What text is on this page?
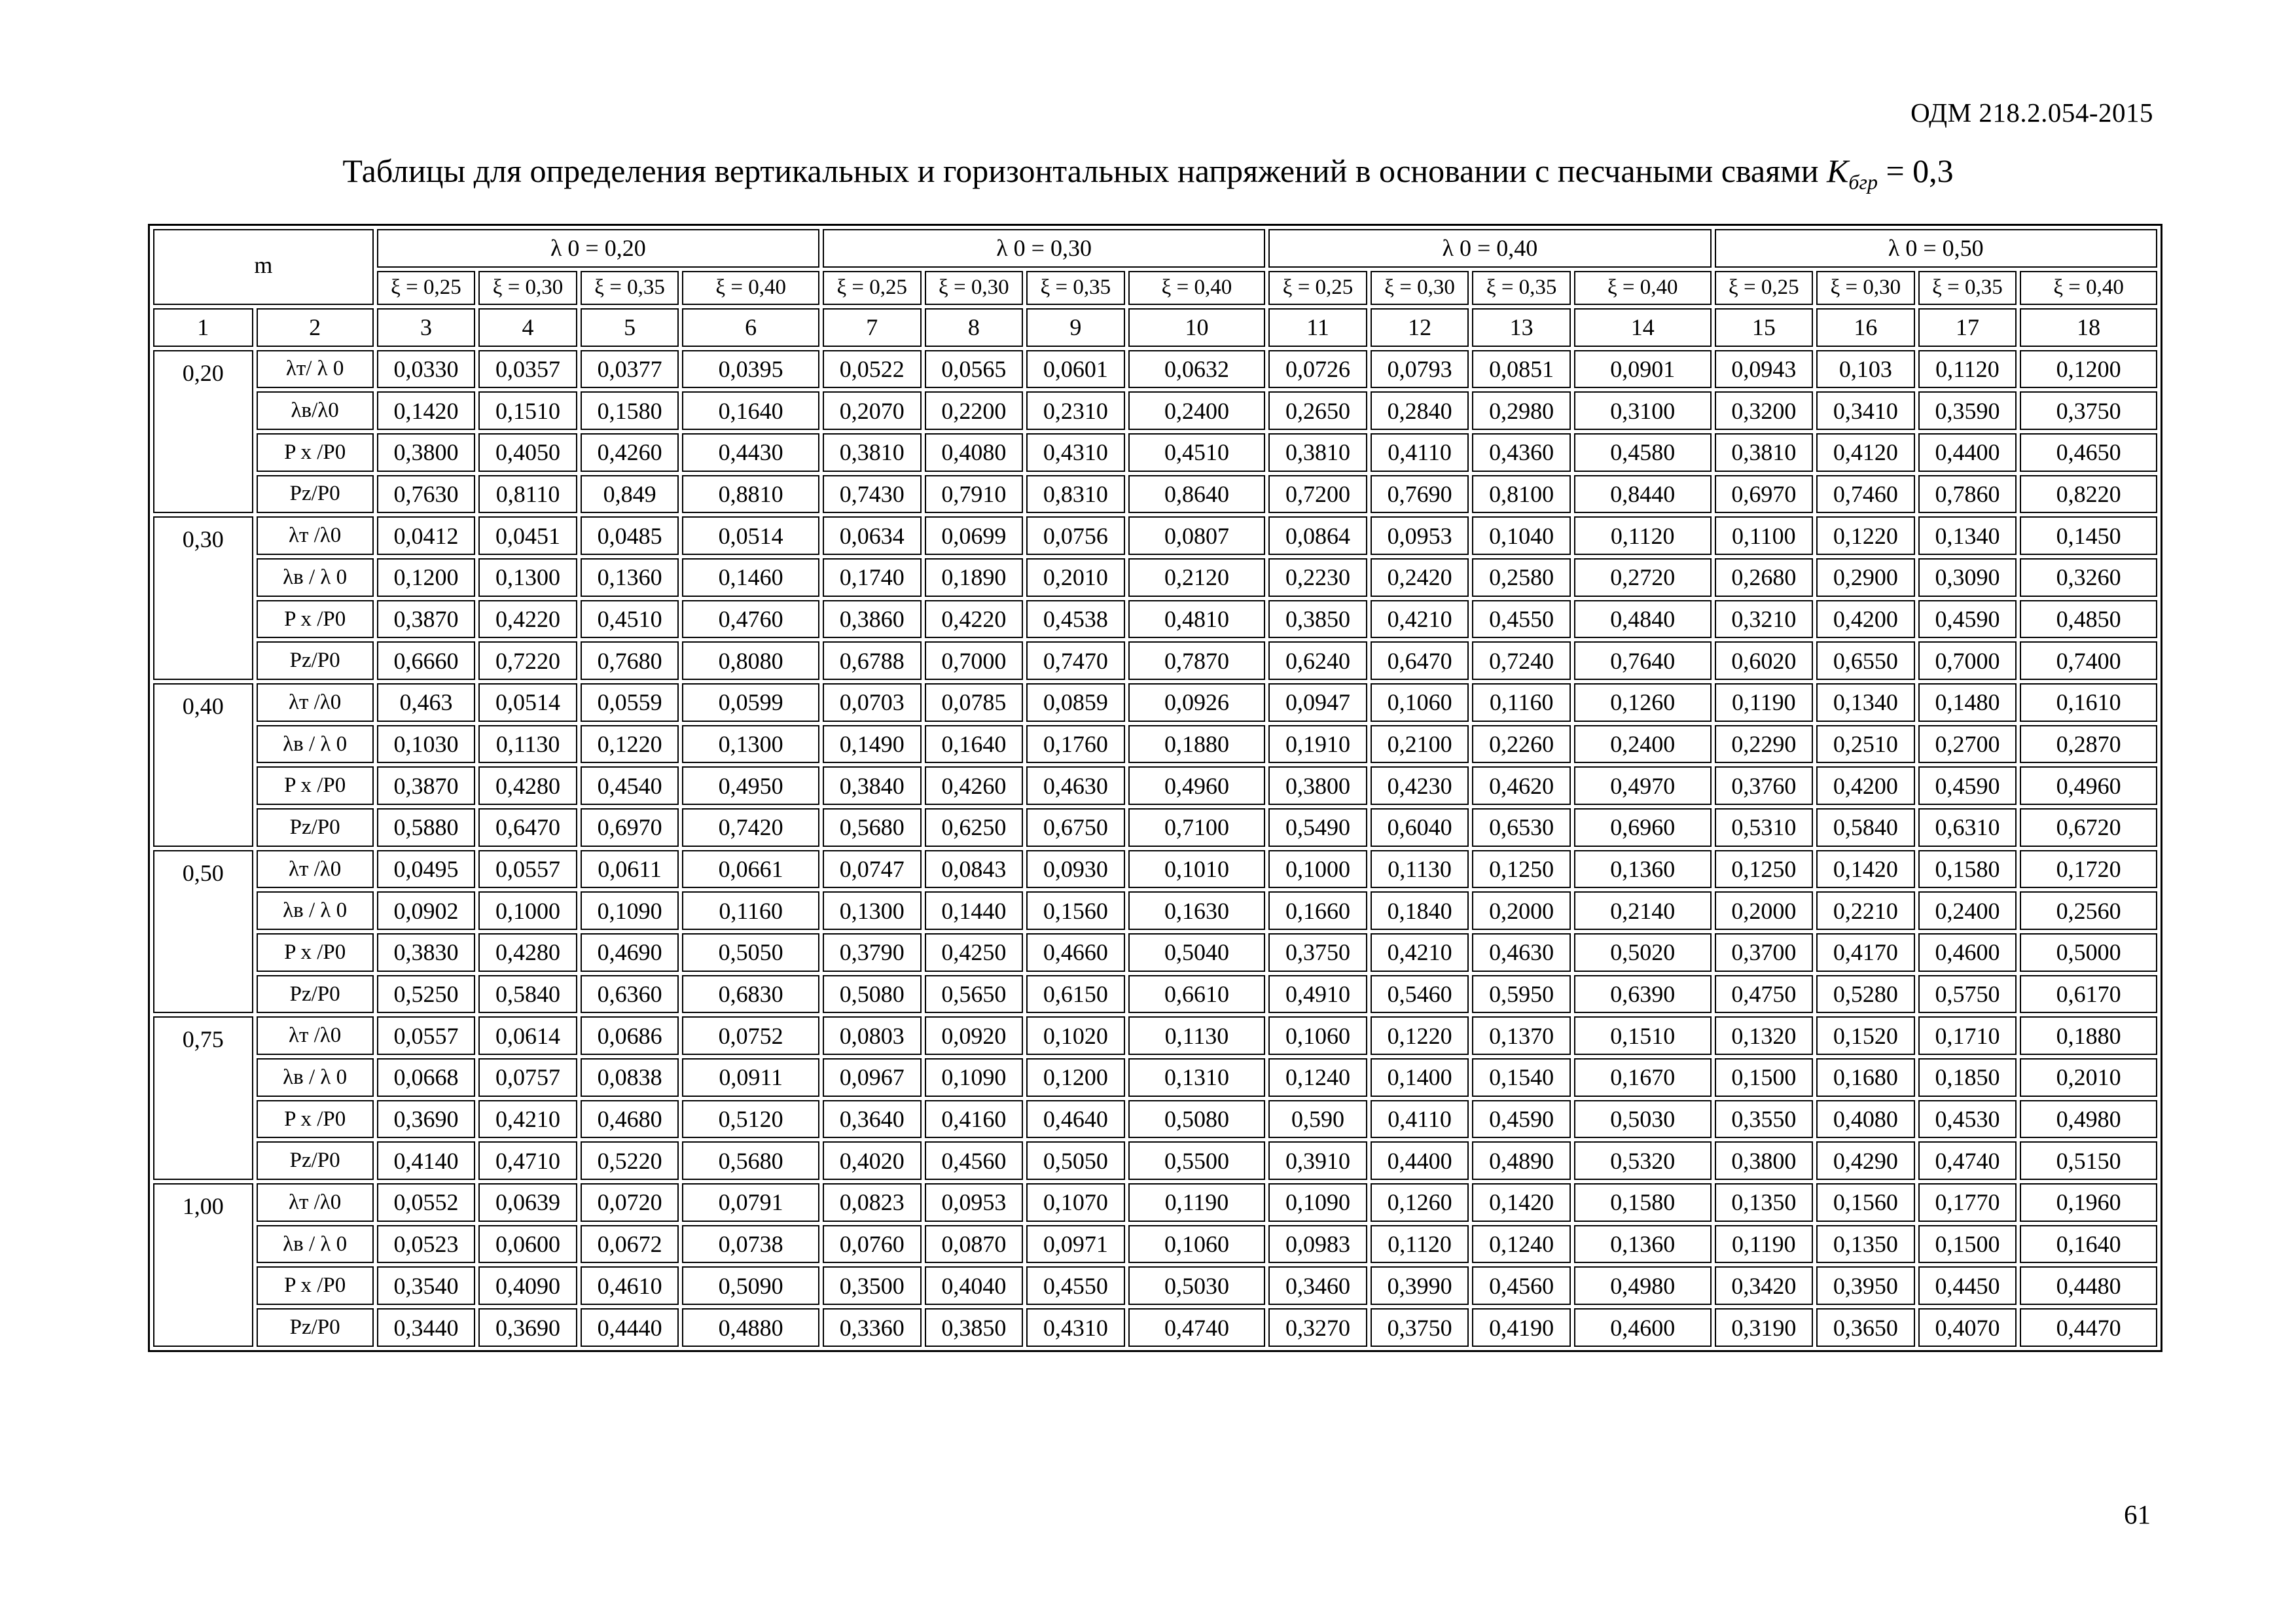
ОДМ 218.2.054-2015
Таблицы для определения вертикальных и горизонтальных напряжений в основании с песчаными сваями $K_{бгр} = 0,3$
m		λ 0 = 0,20				λ 0 = 0,30				λ 0 = 0,40				λ 0 = 0,50			
		ξ = 0,25	ξ = 0,30	ξ = 0,35	ξ = 0,40	ξ = 0,25	ξ = 0,30	ξ = 0,35	ξ = 0,40	ξ = 0,25	ξ = 0,30	ξ = 0,35	ξ = 0,40	ξ = 0,25	ξ = 0,30	ξ = 0,35	ξ = 0,40
1	2	3	4	5	6	7	8	9	10	11	12	13	14	15	16	17	18
0,20	λт/ λ 0	0,0330	0,0357	0,0377	0,0395	0,0522	0,0565	0,0601	0,0632	0,0726	0,0793	0,0851	0,0901	0,0943	0,103	0,1120	0,1200
	λв/λ0	0,1420	0,1510	0,1580	0,1640	0,2070	0,2200	0,2310	0,2400	0,2650	0,2840	0,2980	0,3100	0,3200	0,3410	0,3590	0,3750
	P x /P0	0,3800	0,4050	0,4260	0,4430	0,3810	0,4080	0,4310	0,4510	0,3810	0,4110	0,4360	0,4580	0,3810	0,4120	0,4400	0,4650
	Pz/P0	0,7630	0,8110	0,849	0,8810	0,7430	0,7910	0,8310	0,8640	0,7200	0,7690	0,8100	0,8440	0,6970	0,7460	0,7860	0,8220
0,30	λт /λ0	0,0412	0,0451	0,0485	0,0514	0,0634	0,0699	0,0756	0,0807	0,0864	0,0953	0,1040	0,1120	0,1100	0,1220	0,1340	0,1450
	λв / λ 0	0,1200	0,1300	0,1360	0,1460	0,1740	0,1890	0,2010	0,2120	0,2230	0,2420	0,2580	0,2720	0,2680	0,2900	0,3090	0,3260
	P x /P0	0,3870	0,4220	0,4510	0,4760	0,3860	0,4220	0,4538	0,4810	0,3850	0,4210	0,4550	0,4840	0,3210	0,4200	0,4590	0,4850
	Pz/P0	0,6660	0,7220	0,7680	0,8080	0,6788	0,7000	0,7470	0,7870	0,6240	0,6470	0,7240	0,7640	0,6020	0,6550	0,7000	0,7400
0,40	λт /λ0	0,463	0,0514	0,0559	0,0599	0,0703	0,0785	0,0859	0,0926	0,0947	0,1060	0,1160	0,1260	0,1190	0,1340	0,1480	0,1610
	λв / λ 0	0,1030	0,1130	0,1220	0,1300	0,1490	0,1640	0,1760	0,1880	0,1910	0,2100	0,2260	0,2400	0,2290	0,2510	0,2700	0,2870
	P x /P0	0,3870	0,4280	0,4540	0,4950	0,3840	0,4260	0,4630	0,4960	0,3800	0,4230	0,4620	0,4970	0,3760	0,4200	0,4590	0,4960
	Pz/P0	0,5880	0,6470	0,6970	0,7420	0,5680	0,6250	0,6750	0,7100	0,5490	0,6040	0,6530	0,6960	0,5310	0,5840	0,6310	0,6720
0,50	λт /λ0	0,0495	0,0557	0,0611	0,0661	0,0747	0,0843	0,0930	0,1010	0,1000	0,1130	0,1250	0,1360	0,1250	0,1420	0,1580	0,1720
	λв / λ 0	0,0902	0,1000	0,1090	0,1160	0,1300	0,1440	0,1560	0,1630	0,1660	0,1840	0,2000	0,2140	0,2000	0,2210	0,2400	0,2560
	P x /P0	0,3830	0,4280	0,4690	0,5050	0,3790	0,4250	0,4660	0,5040	0,3750	0,4210	0,4630	0,5020	0,3700	0,4170	0,4600	0,5000
	Pz/P0	0,5250	0,5840	0,6360	0,6830	0,5080	0,5650	0,6150	0,6610	0,4910	0,5460	0,5950	0,6390	0,4750	0,5280	0,5750	0,6170
0,75	λт /λ0	0,0557	0,0614	0,0686	0,0752	0,0803	0,0920	0,1020	0,1130	0,1060	0,1220	0,1370	0,1510	0,1320	0,1520	0,1710	0,1880
	λв / λ 0	0,0668	0,0757	0,0838	0,0911	0,0967	0,1090	0,1200	0,1310	0,1240	0,1400	0,1540	0,1670	0,1500	0,1680	0,1850	0,2010
	P x /P0	0,3690	0,4210	0,4680	0,5120	0,3640	0,4160	0,4640	0,5080	0,590	0,4110	0,4590	0,5030	0,3550	0,4080	0,4530	0,4980
	Pz/P0	0,4140	0,4710	0,5220	0,5680	0,4020	0,4560	0,5050	0,5500	0,3910	0,4400	0,4890	0,5320	0,3800	0,4290	0,4740	0,5150
1,00	λт /λ0	0,0552	0,0639	0,0720	0,0791	0,0823	0,0953	0,1070	0,1190	0,1090	0,1260	0,1420	0,1580	0,1350	0,1560	0,1770	0,1960
	λв / λ 0	0,0523	0,0600	0,0672	0,0738	0,0760	0,0870	0,0971	0,1060	0,0983	0,1120	0,1240	0,1360	0,1190	0,1350	0,1500	0,1640
	P x /P0	0,3540	0,4090	0,4610	0,5090	0,3500	0,4040	0,4550	0,5030	0,3460	0,3990	0,4560	0,4980	0,3420	0,3950	0,4450	0,4480
	Pz/P0	0,3440	0,3690	0,4440	0,4880	0,3360	0,3850	0,4310	0,4740	0,3270	0,3750	0,4190	0,4600	0,3190	0,3650	0,4070	0,4470
61
